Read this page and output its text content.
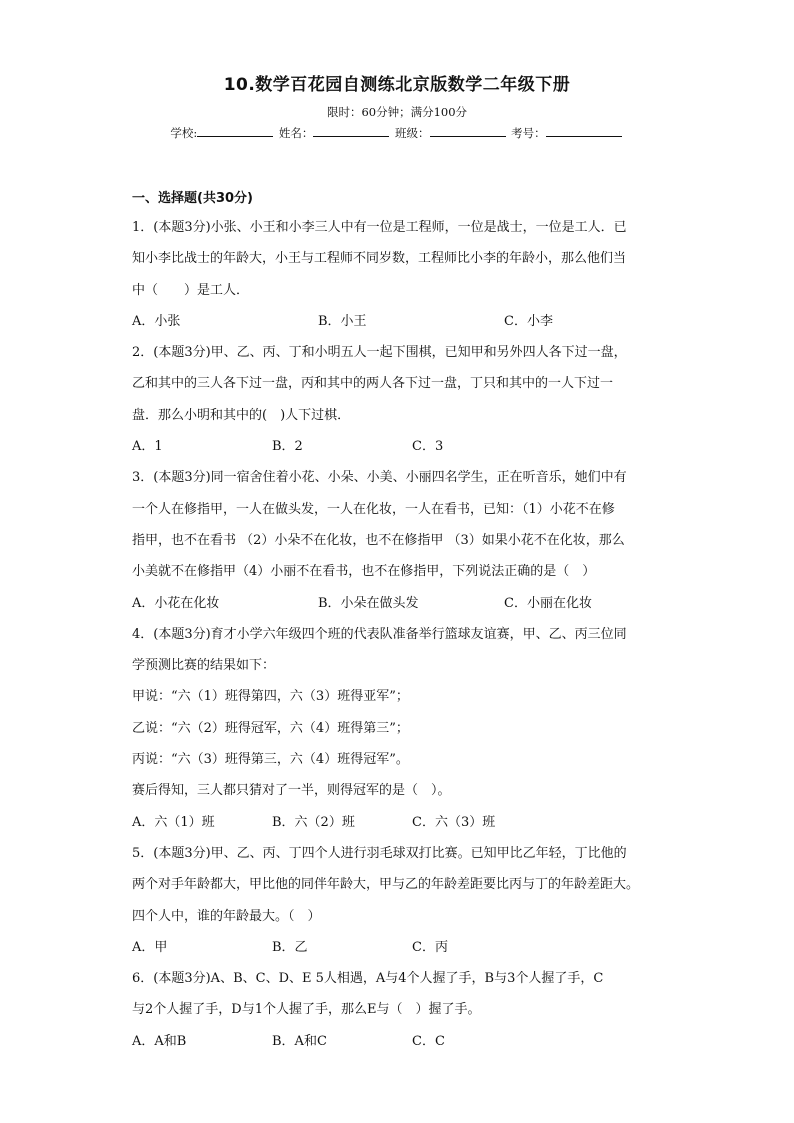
10.数学百花园自测练北京版数学二年级下册
限时：60分钟；满分100分
学校:	姓名：	班级：	考号：
一、选择题(共30分)
1．(本题3分)小张、小王和小李三人中有一位是工程师，一位是战士，一位是工人．已
知小李比战士的年龄大，小王与工程师不同岁数，工程师比小李的年龄小，那么他们当
中（　　）是工人．
A．小张	B．小王	C．小李
2．(本题3分)甲、乙、丙、丁和小明五人一起下围棋，已知甲和另外四人各下过一盘，
乙和其中的三人各下过一盘，丙和其中的两人各下过一盘，丁只和其中的一人下过一
盘．那么小明和其中的(　)人下过棋．
A．1	B．2	C．3
3．(本题3分)同一宿舍住着小花、小朵、小美、小丽四名学生，正在听音乐，她们中有
一个人在修指甲，一人在做头发，一人在化妆，一人在看书，已知：（1）小花不在修
指甲，也不在看书 （2）小朵不在化妆，也不在修指甲 （3）如果小花不在化妆，那么
小美就不在修指甲（4）小丽不在看书，也不在修指甲，下列说法正确的是（　）
A．小花在化妆	B．小朵在做头发	C．小丽在化妆
4．(本题3分)育才小学六年级四个班的代表队准备举行篮球友谊赛，甲、乙、丙三位同
学预测比赛的结果如下：
甲说：“六（1）班得第四，六（3）班得亚军”；
乙说：“六（2）班得冠军，六（4）班得第三”；
丙说：“六（3）班得第三，六（4）班得冠军”。
赛后得知，三人都只猜对了一半，则得冠军的是（　）。
A．六（1）班	B．六（2）班	C．六（3）班
5．(本题3分)甲、乙、丙、丁四个人进行羽毛球双打比赛。已知甲比乙年轻，丁比他的
两个对手年龄都大，甲比他的同伴年龄大，甲与乙的年龄差距要比丙与丁的年龄差距大。
四个人中，谁的年龄最大。（　）
A．甲	B．乙	C．丙
6．(本题3分)A、B、C、D、E 5人相遇，A与4个人握了手，B与3个人握了手，C
与2个人握了手，D与1个人握了手，那么E与（　）握了手。
A．A和B	B．A和C	C．C
